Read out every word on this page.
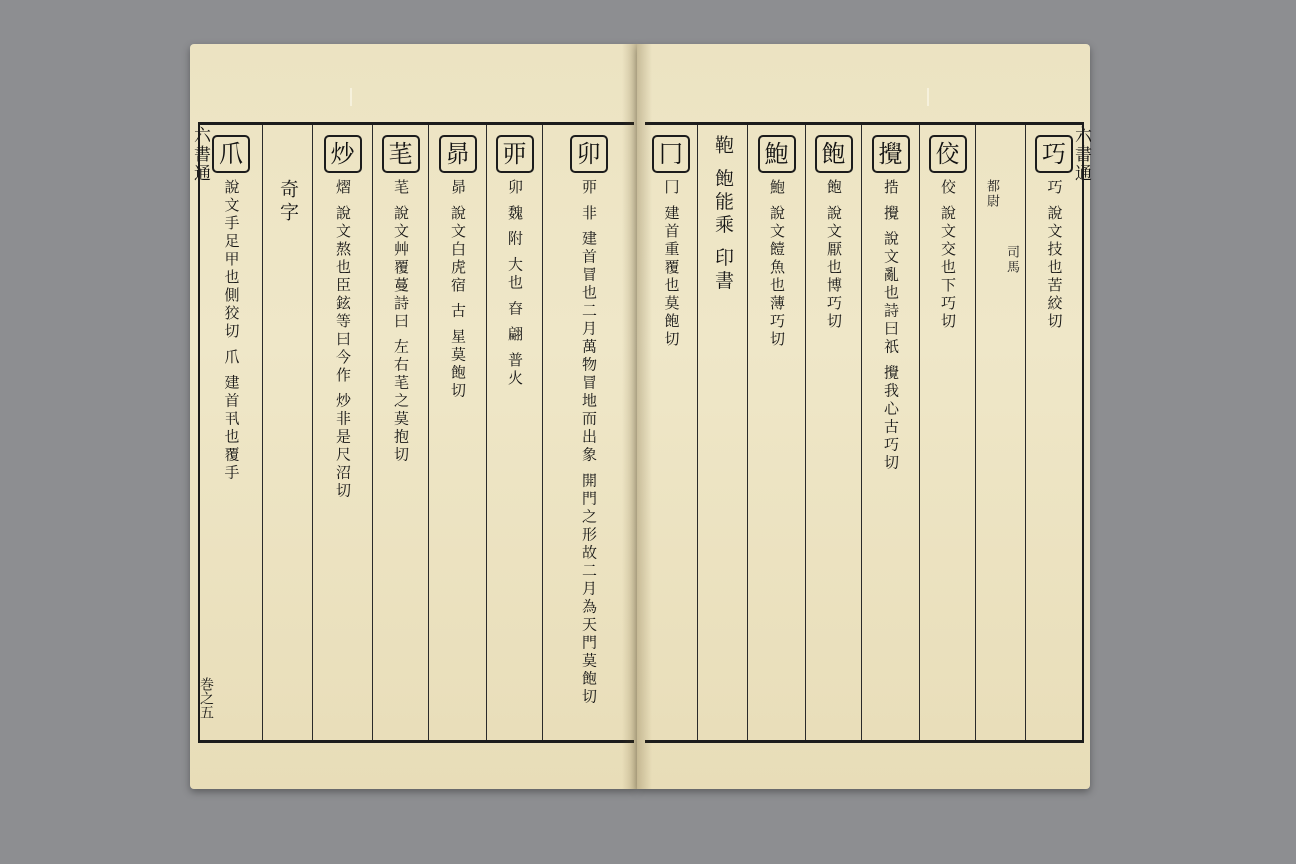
六書通
巻之五
爪
說文手足甲也側狡切 爪 建首丮也覆手 奇字
炒
熠 說文熬也臣鉉等曰今作 炒非是尺沼切
芼
芼 說文艸覆蔓詩曰 左右芼之莫抱切
昴
昴 說文白虎宿 古 星莫飽切
丣
卯 魏 附 大也 昚 翩 普火
卯
丣 非 建首冒也二月萬物冒地而出象 開門之形故二月為天門莫飽切
六書通
冂
冂 建首重覆也莫飽切 鞄 飽能乘 印書 鮑
鮑 說文饐魚也薄巧切
飽
飽 說文厭也博巧切
攪
捁 攪 說文亂也詩曰祇 攪我心古巧切
佼
佼 說文交也下巧切 都尉
司馬
巧
巧 說文技也苦絞切
